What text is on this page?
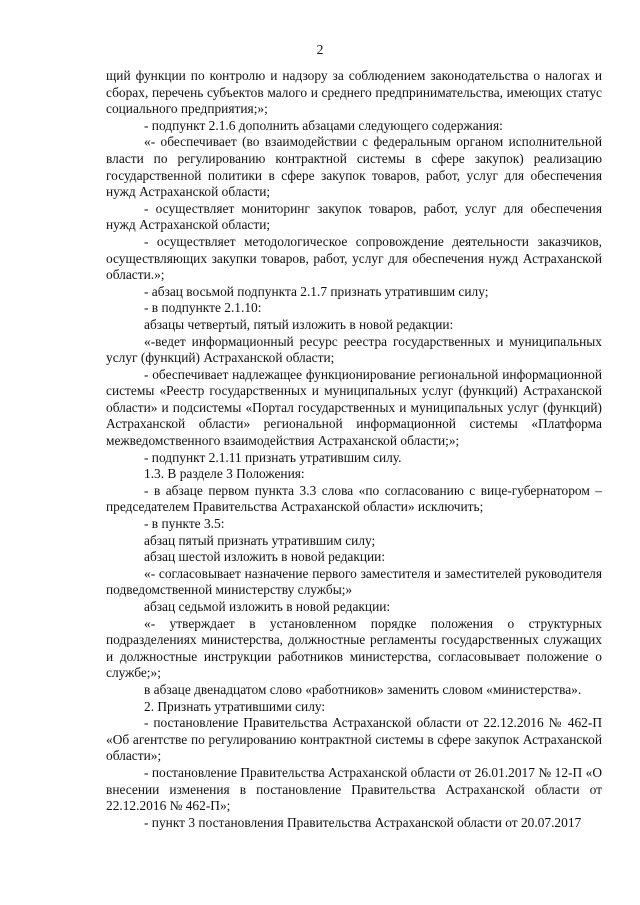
2

щий функции по контролю и надзору за соблюдением законодательства о налогах и сборах, перечень субъектов малого и среднего предпринимательства, имеющих статус социального предприятия;»;

- подпункт 2.1.6 дополнить абзацами следующего содержания:

«- обеспечивает (во взаимодействии с федеральным органом исполнительной власти по регулированию контрактной системы в сфере закупок) реализацию государственной политики в сфере закупок товаров, работ, услуг для обеспечения нужд Астраханской области;

- осуществляет мониторинг закупок товаров, работ, услуг для обеспечения нужд Астраханской области;

- осуществляет методологическое сопровождение деятельности заказчиков, осуществляющих закупки товаров, работ, услуг для обеспечения нужд Астраханской области.»;

- абзац восьмой подпункта 2.1.7 признать утратившим силу;

- в подпункте 2.1.10:

абзацы четвертый, пятый изложить в новой редакции:

«-ведет информационный ресурс реестра государственных и муниципальных услуг (функций) Астраханской области;

- обеспечивает надлежащее функционирование региональной информационной системы «Реестр государственных и муниципальных услуг (функций) Астраханской области» и подсистемы «Портал государственных и муниципальных услуг (функций) Астраханской области» региональной информационной системы «Платформа межведомственного взаимодействия Астраханской области;»;

- подпункт 2.1.11 признать утратившим силу.

1.3. В разделе 3 Положения:

- в абзаце первом пункта 3.3 слова «по согласованию с вице-губернатором – председателем Правительства Астраханской области» исключить;

- в пункте 3.5:

абзац пятый признать утратившим силу;

абзац шестой изложить в новой редакции:

«- согласовывает назначение первого заместителя и заместителей руководителя подведомственной министерству службы;»

абзац седьмой изложить в новой редакции:

«- утверждает в установленном порядке положения о структурных подразделениях министерства, должностные регламенты государственных служащих и должностные инструкции работников министерства, согласовывает положение о службе;»;

в абзаце двенадцатом слово «работников» заменить словом «министерства».

2. Признать утратившими силу:

- постановление Правительства Астраханской области от 22.12.2016 № 462-П «Об агентстве по регулированию контрактной системы в сфере закупок Астраханской области»;

- постановление Правительства Астраханской области от 26.01.2017 № 12-П «О внесении изменения в постановление Правительства Астраханской области от 22.12.2016 № 462-П»;

- пункт 3 постановления Правительства Астраханской области от 20.07.2017
